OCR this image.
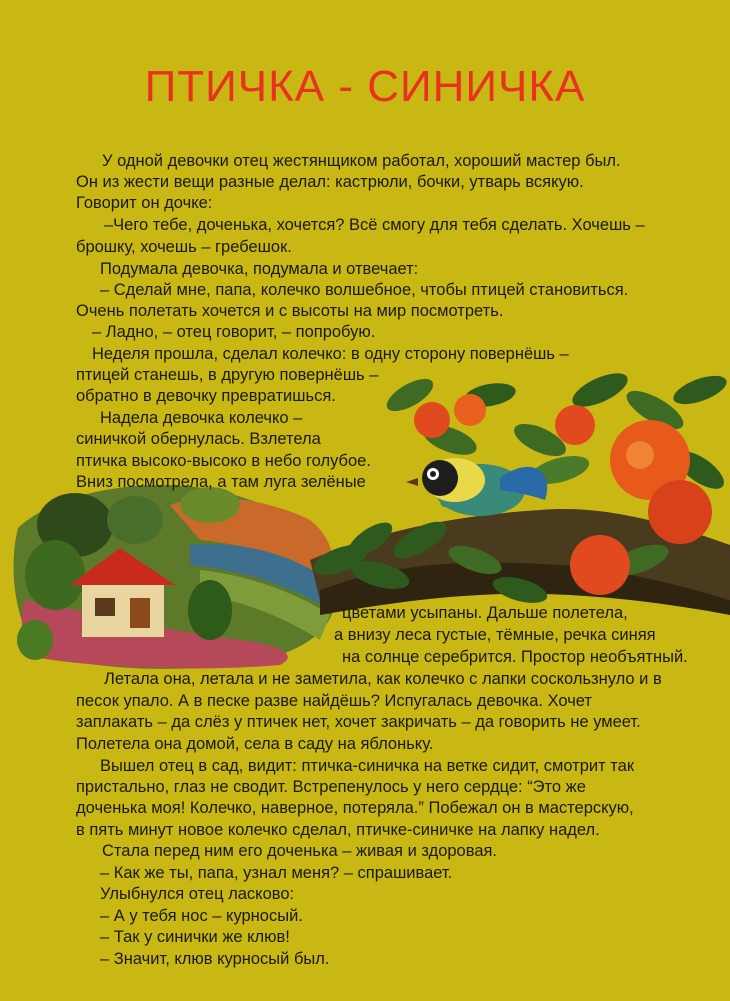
ПТИЧКА - СИНИЧКА
У одной девочки отец жестянщиком работал, хороший мастер был.
Он из жести вещи разные делал: кастрюли, бочки, утварь всякую.
Говорит он дочке:
–Чего тебе, доченька, хочется? Всё смогу для тебя сделать. Хочешь –
брошку, хочешь – гребешок.
Подумала девочка, подумала и отвечает:
– Сделай мне, папа, колечко волшебное, чтобы птицей становиться.
Очень полетать хочется и с высоты на мир посмотреть.
– Ладно, – отец говорит, – попробую.
Неделя прошла, сделал колечко: в одну сторону повернёшь –
птицей станешь, в другую повернёшь –
обратно в девочку превратишься.
Надела девочка колечко –
синичкой обернулась. Взлетела
птичка высоко-высоко в небо голубое.
Вниз посмотрела, а там луга зелёные
цветами усыпаны. Дальше полетела,
а внизу леса густые, тёмные, речка синяя
на солнце серебрится. Простор необъятный.
Летала она, летала и не заметила, как колечко с лапки соскользнуло и в
песок упало. А в песке разве найдёшь? Испугалась девочка. Хочет
заплакать – да слёз у птичек нет, хочет закричать – да говорить не умеет.
Полетела она домой, села в саду на яблоньку.
Вышел отец в сад, видит: птичка-синичка на ветке сидит, смотрит так
пристально, глаз не сводит. Встрепенулось у него сердце: “Это же
доченька моя! Колечко, наверное, потеряла.” Побежал он в мастерскую,
в пять минут новое колечко сделал, птичке-синичке на лапку надел.
Стала перед ним его доченька – живая и здоровая.
– Как же ты, папа, узнал меня? – спрашивает.
Улыбнулся отец ласково:
– А у тебя нос – курносый.
– Так у синички же клюв!
– Значит, клюв курносый был.
